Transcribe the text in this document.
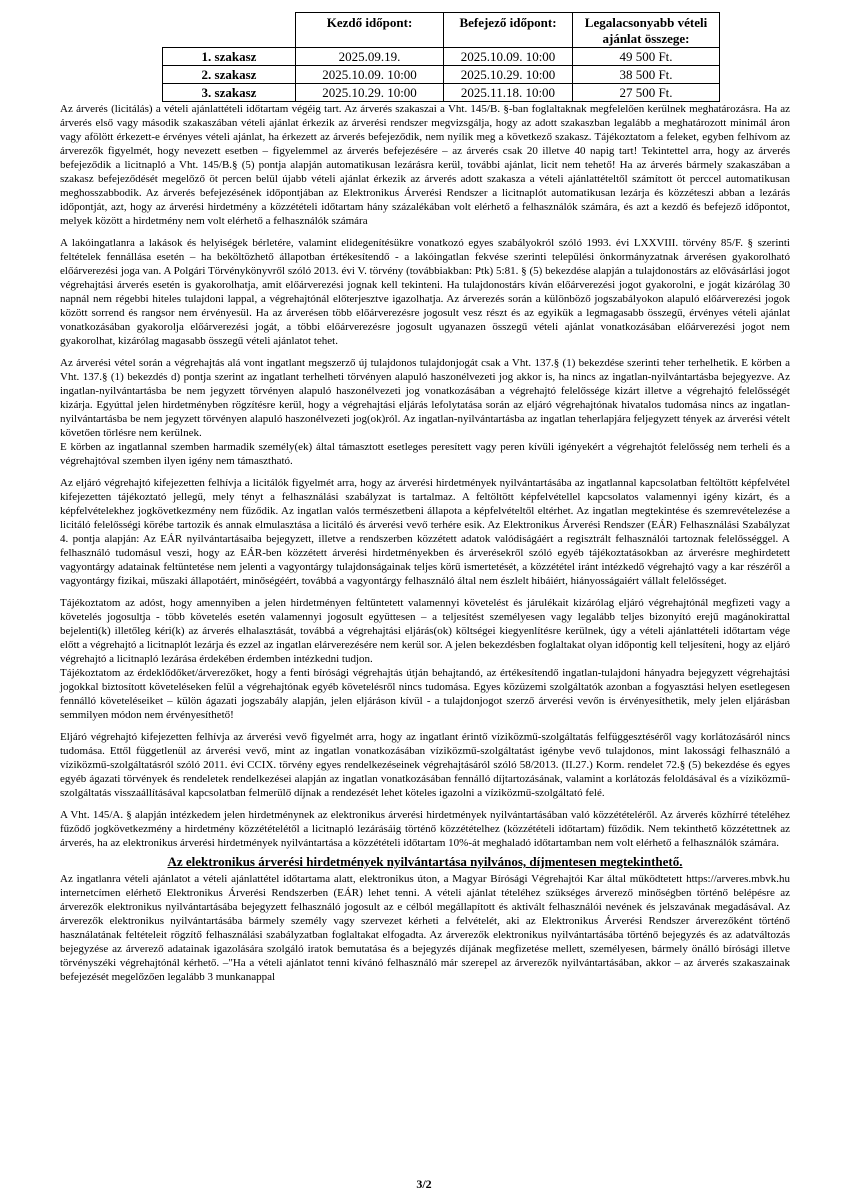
	Kezdő időpont:	Befejező időpont:	Legalacsonyabb vételi ajánlat összege:
1. szakasz	2025.09.19.	2025.10.09. 10:00	49 500 Ft.
2. szakasz	2025.10.09. 10:00	2025.10.29. 10:00	38 500 Ft.
3. szakasz	2025.10.29. 10:00	2025.11.18. 10:00	27 500 Ft.

Az árverés (licitálás) a vételi ajánlattételi időtartam végéig tart. Az árverés szakaszai a Vht. 145/B. §-ban foglaltaknak megfelelően kerülnek meghatározásra. Ha az árverés első vagy második szakaszában vételi ajánlat érkezik az árverési rendszer megvizsgálja, hogy az adott szakaszban legalább a meghatározott minimál áron vagy afölött érkezett-e érvényes vételi ajánlat, ha érkezett az árverés befejeződik, nem nyílik meg a következő szakasz. Tájékoztatom a feleket, egyben felhívom az árverezők figyelmét, hogy nevezett esetben – figyelemmel az árverés befejezésére – az árverés csak 20 illetve 40 napig tart! Tekintettel arra, hogy az árverés befejeződik a licitnapló a Vht. 145/B.§ (5) pontja alapján automatikusan lezárásra kerül, további ajánlat, licit nem tehető! Ha az árverés bármely szakaszában a szakasz befejeződését megelőző öt percen belül újabb vételi ajánlat érkezik az árverés adott szakasza a vételi ajánlattételtől számított öt perccel automatikusan meghosszabbodik. Az árverés befejezésének időpontjában az Elektronikus Árverési Rendszer a licitnaplót automatikusan lezárja és közzéteszi abban a lezárás időpontját, azt, hogy az árverési hirdetmény a közzétételi időtartam hány százalékában volt elérhető a felhasználók számára, és azt a kezdő és befejező időpontot, melyek között a hirdetmény nem volt elérhető a felhasználók számára

A lakóingatlanra a lakások és helyiségek bérletére, valamint elidegenítésükre vonatkozó egyes szabályokról szóló 1993. évi LXXVIII. törvény 85/F. § szerinti feltételek fennállása esetén – ha beköltözhető állapotban értékesítendő - a lakóingatlan fekvése szerinti települési önkormányzatnak árverésen gyakorolható előárverezési joga van. A Polgári Törvénykönyvről szóló 2013. évi V. törvény (továbbiakban: Ptk) 5:81. § (5) bekezdése alapján a tulajdonostárs az elővásárlási jogot végrehajtási árverés esetén is gyakorolhatja, amit előárverezési jognak kell tekinteni. Ha tulajdonostárs kíván előárverezési jogot gyakorolni, e jogát kizárólag 30 napnál nem régebbi hiteles tulajdoni lappal, a végrehajtónál előterjesztve igazolhatja. Az árverezés során a különböző jogszabályokon alapuló előárverezési jogok között sorrend és rangsor nem érvényesül. Ha az árverésen több előárverezésre jogosult vesz részt és az egyikük a legmagasabb összegű, érvényes vételi ajánlat vonatkozásában gyakorolja előárverezési jogát, a többi előárverezésre jogosult ugyanazen összegű vételi ajánlat vonatkozásában előárverezési jogot nem gyakorolhat, kizárólag magasabb összegű vételi ajánlatot tehet.

Az árverési vétel során a végrehajtás alá vont ingatlant megszerző új tulajdonos tulajdonjogát csak a Vht. 137.§ (1) bekezdése szerinti teher terhelhetik. E körben a Vht. 137.§ (1) bekezdés d) pontja szerint az ingatlant terhelheti törvényen alapuló haszonélvezeti jog akkor is, ha nincs az ingatlan-nyilvántartásba bejegyezve. Az ingatlan-nyilvántartásba be nem jegyzett törvényen alapuló haszonélvezeti jog vonatkozásában a végrehajtó felelőssége kizárt illetve a végrehajtó felelősségét kizárja. Egyúttal jelen hirdetményben rögzítésre kerül, hogy a végrehajtási eljárás lefolytatása során az eljáró végrehajtónak hivatalos tudomása nincs az ingatlan-nyilvántartásba be nem jegyzett törvényen alapuló haszonélvezeti jog(ok)ról. Az ingatlan-nyilvántartásba az ingatlan teherlapjára feljegyzett tények az árverési vételt követően törlésre nem kerülnek.

E körben az ingatlannal szemben harmadik személy(ek) által támasztott esetleges peresített vagy peren kívüli igényekért a végrehajtót felelősség nem terheli és a végrehajtóval szemben ilyen igény nem támasztható.

Az eljáró végrehajtó kifejezetten felhívja a licitálók figyelmét arra, hogy az árverési hirdetmények nyilvántartásába az ingatlannal kapcsolatban feltöltött képfelvétel kifejezetten tájékoztató jellegű, mely tényt a felhasználási szabályzat is tartalmaz. A feltöltött képfelvétellel kapcsolatos valamennyi igény kizárt, és a képfelvételekhez jogkövetkezmény nem fűződik. Az ingatlan valós természetbeni állapota a képfelvételtől eltérhet. Az ingatlan megtekintése és szemrevételezése a licitáló felelősségi körébe tartozik és annak elmulasztása a licitáló és árverési vevő terhére esik. Az Elektronikus Árverési Rendszer (EÁR) Felhasználási Szabályzat 4. pontja alapján: Az EÁR nyilvántartásaiba bejegyzett, illetve a rendszerben közzétett adatok valódiságáért a regisztrált felhasználói tartoznak felelősséggel. A felhasználó tudomásul veszi, hogy az EÁR-ben közzétett árverési hirdetményekben és árverésekről szóló egyéb tájékoztatásokban az árverésre meghirdetett vagyontárgy adatainak feltüntetése nem jelenti a vagyontárgy tulajdonságainak teljes körű ismertetését, a közzététel iránt intézkedő végrehajtó vagy a kar részéről a vagyontárgy fizikai, műszaki állapotáért, minőségéért, továbbá a vagyontárgy felhasználó által nem észlelt hibáiért, hiányosságaiért vállalt felelősséget.

Tájékoztatom az adóst, hogy amennyiben a jelen hirdetményen feltüntetett valamennyi követelést és járulékait kizárólag eljáró végrehajtónál megfizeti vagy a követelés jogosultja - több követelés esetén valamennyi jogosult együttesen – a teljesítést személyesen vagy legalább teljes bizonyító erejű magánokirattal bejelenti(k) illetőleg kéri(k) az árverés elhalasztását, továbbá a végrehajtási eljárás(ok) költségei kiegyenlítésre kerülnek, úgy a vételi ajánlattételi időtartam vége előtt a végrehajtó a licitnaplót lezárja és ezzel az ingatlan elárverezésére nem kerül sor. A jelen bekezdésben foglaltakat olyan időpontig kell teljesíteni, hogy az eljáró végrehajtó a licitnapló lezárása érdekében érdemben intézkedni tudjon.

Tájékoztatom az érdeklődőket/árverezőket, hogy a fenti bírósági végrehajtás útján behajtandó, az értékesítendő ingatlan-tulajdoni hányadra bejegyzett végrehajtási jogokkal biztosított követeléseken felül a végrehajtónak egyéb követelésről nincs tudomása. Egyes közüzemi szolgáltatók azonban a fogyasztási helyen esetlegesen fennálló követeléseiket – külön ágazati jogszabály alapján, jelen eljáráson kívül - a tulajdonjogot szerző árverési vevőn is érvényesíthetik, mely jelen eljárásban semmilyen módon nem érvényesíthető!

Eljáró végrehajtó kifejezetten felhívja az árverési vevő figyelmét arra, hogy az ingatlant érintő víziközmű-szolgáltatás felfüggesztéséről vagy korlátozásáról nincs tudomása. Ettől függetlenül az árverési vevő, mint az ingatlan vonatkozásában víziközmű-szolgáltatást igénybe vevő tulajdonos, mint lakossági felhasználó a víziközmű-szolgáltatásról szóló 2011. évi CCIX. törvény egyes rendelkezéseinek végrehajtásáról szóló 58/2013. (II.27.) Korm. rendelet 72.§ (5) bekezdése és egyes egyéb ágazati törvények és rendeletek rendelkezései alapján az ingatlan vonatkozásában fennálló díjtartozásának, valamint a korlátozás feloldásával és a víziközmű-szolgáltatás visszaállításával kapcsolatban felmerülő díjnak a rendezését lehet köteles igazolni a víziközmű-szolgáltató felé.

A Vht. 145/A. § alapján intézkedem jelen hirdetménynek az elektronikus árverési hirdetmények nyilvántartásában való közzétételéről. Az árverés közhírré tételéhez fűződő jogkövetkezmény a hirdetmény közzétételétől a licitnapló lezárásáig történő közzétételhez (közzétételi időtartam) fűződik. Nem tekinthető közzétettnek az árverés, ha az elektronikus árverési hirdetmények nyilvántartása a közzétételi időtartam 10%-át meghaladó időtartamban nem volt elérhető a felhasználók számára.

Az elektronikus árverési hirdetmények nyilvántartása nyilvános, díjmentesen megtekinthető.

Az ingatlanra vételi ajánlatot a vételi ajánlattétel időtartama alatt, elektronikus úton, a Magyar Bírósági Végrehajtói Kar által működtetett https://arveres.mbvk.hu internetcímen elérhető Elektronikus Árverési Rendszerben (EÁR) lehet tenni. A vételi ajánlat tételéhez szükséges árverező minőségben történő belépésre az árverezők elektronikus nyilvántartásába bejegyzett felhasználó jogosult az e célból megállapított és aktivált felhasználói nevének és jelszavának megadásával. Az árverezők elektronikus nyilvántartásába bármely személy vagy szervezet kérheti a felvételét, aki az Elektronikus Árverési Rendszer árverezőként történő használatának feltételeit rögzítő felhasználási szabályzatban foglaltakat elfogadta. Az árverezők elektronikus nyilvántartásába történő bejegyzés és az adatváltozás bejegyzése az árverező adatainak igazolására szolgáló iratok bemutatása és a bejegyzés díjának megfizetése mellett, személyesen, bármely önálló bírósági illetve törvényszéki végrehajtónál kérhető. –"Ha a vételi ajánlatot tenni kívánó felhasználó már szerepel az árverezők nyilvántartásában, akkor – az árverés szakaszainak befejezését megelőzően legalább 3 munkanappal

3/2
